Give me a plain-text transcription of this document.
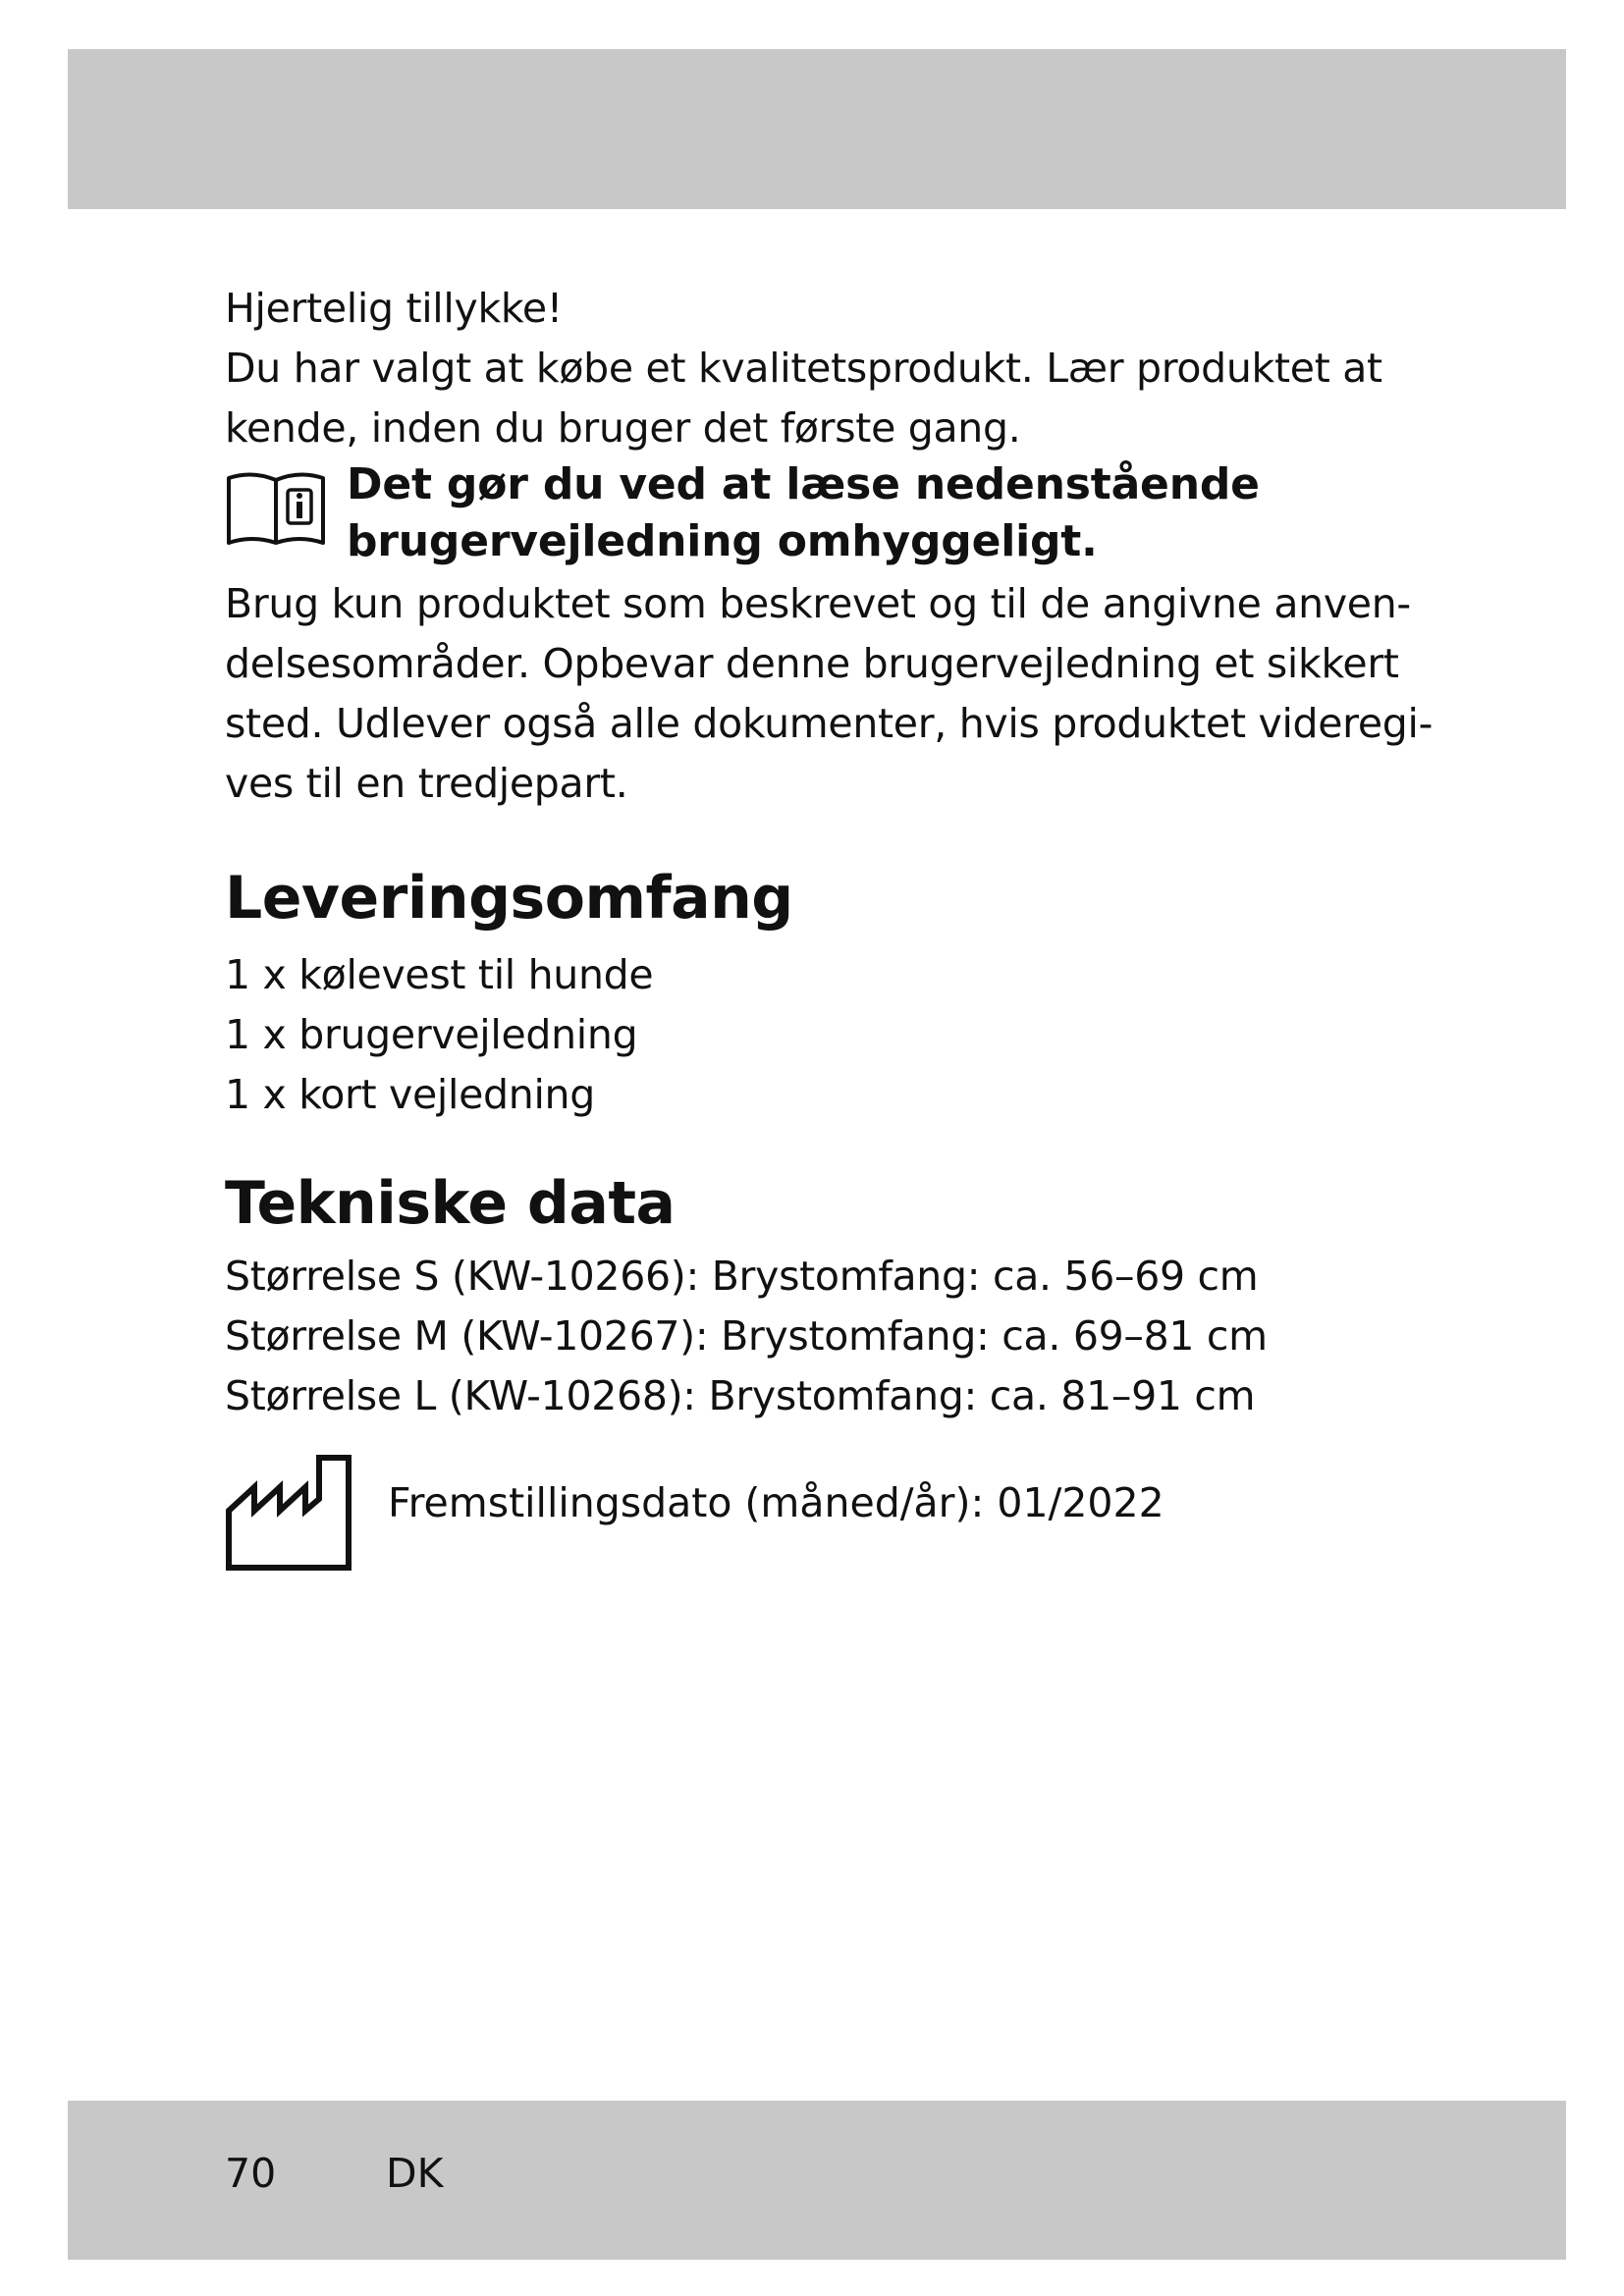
Hjertelig tillykke!
Du har valgt at købe et kvalitetsprodukt. Lær produktet at
kende, inden du bruger det første gang.
Det gør du ved at læse nedenstående
brugervejledning omhyggeligt.
Brug kun produktet som beskrevet og til de angivne anven-
delsesområder. Opbevar denne brugervejledning et sikkert
sted. Udlever også alle dokumenter, hvis produktet videregi-
ves til en tredjepart.
Leveringsomfang
1 x kølevest til hunde
1 x brugervejledning
1 x kort vejledning
Tekniske data
Størrelse S (KW-10266): Brystomfang: ca. 56–69 cm
Størrelse M (KW-10267): Brystomfang: ca. 69–81 cm
Størrelse L (KW-10268): Brystomfang: ca. 81–91 cm
Fremstillingsdato (måned/år): 01/2022
70	DK
